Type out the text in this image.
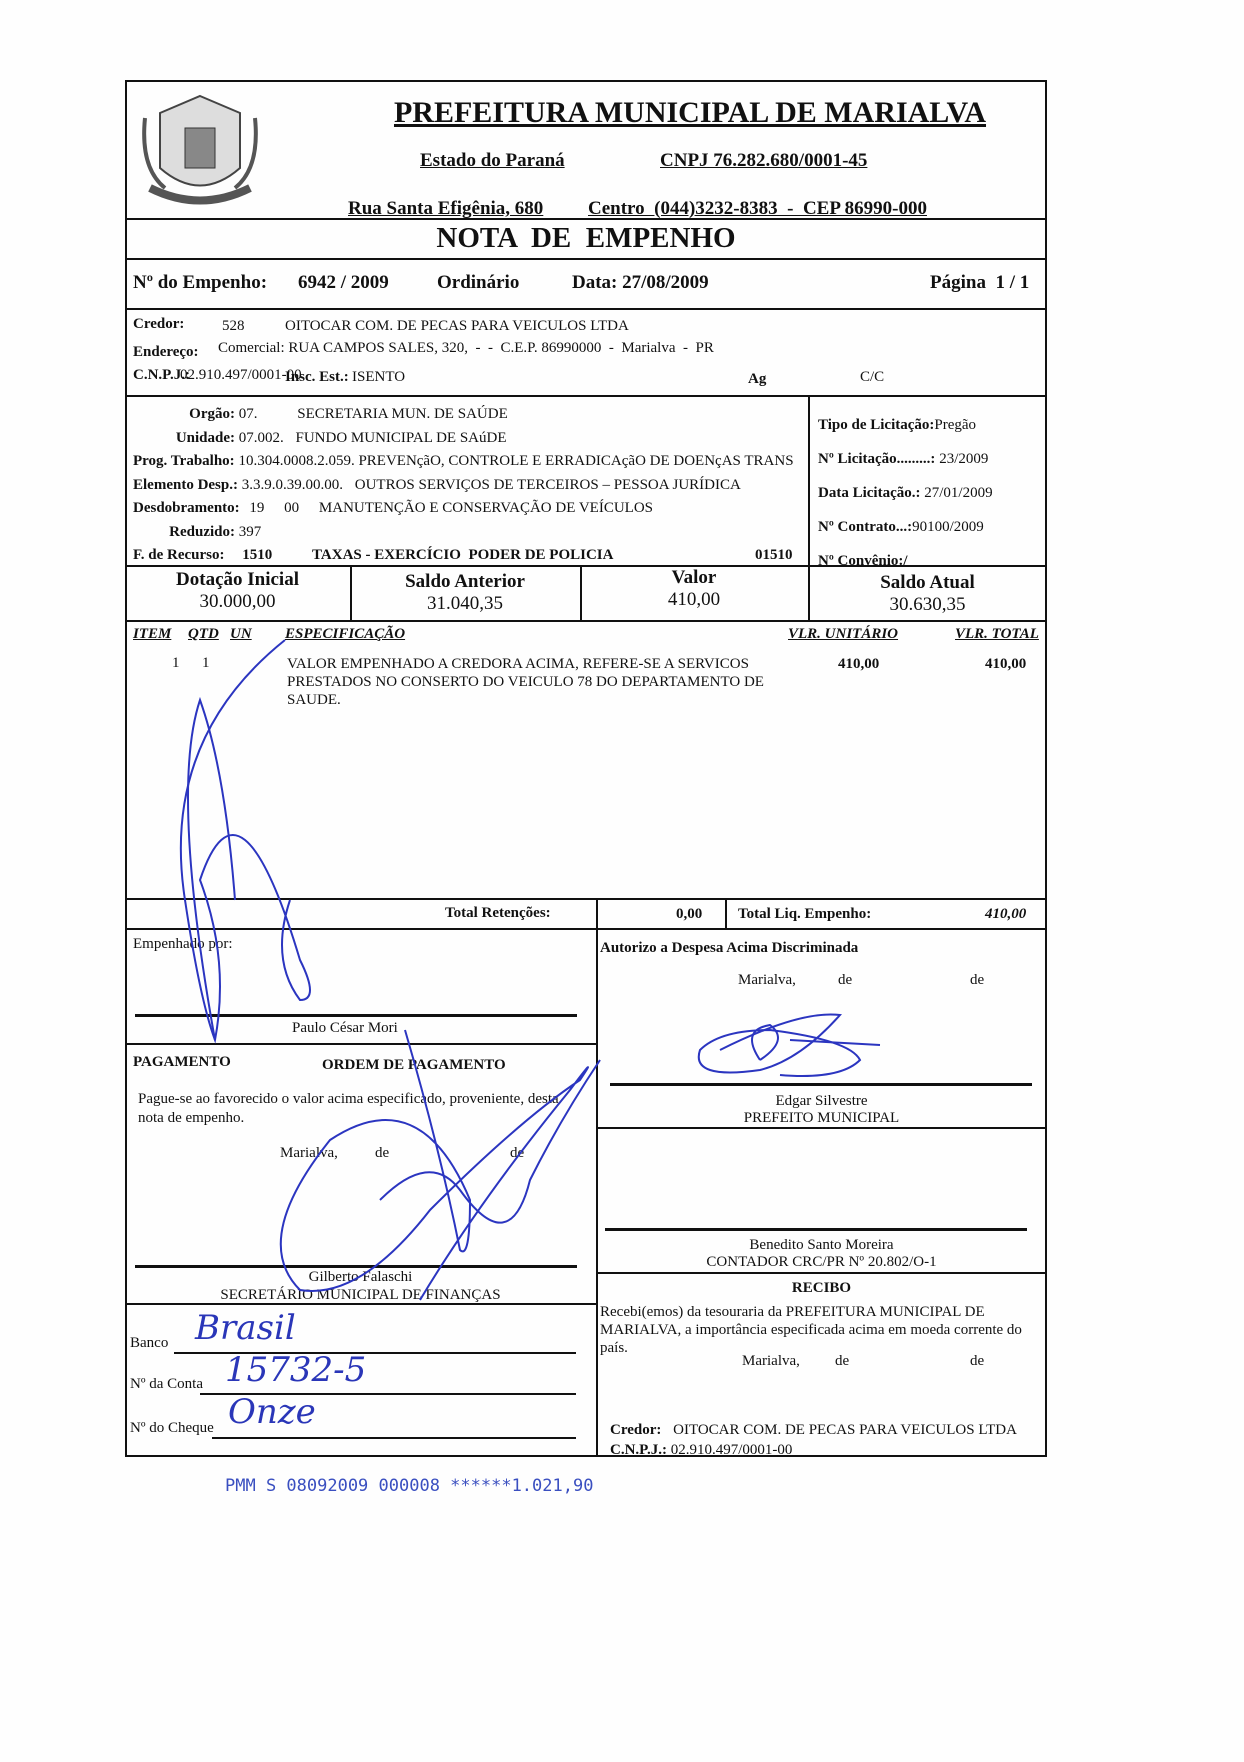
PREFEITURA MUNICIPAL DE MARIALVA
Estado do Paraná	CNPJ 76.282.680/0001-45
Rua Santa Efigênia, 680 Centro  (044)3232-8383  -  CEP 86990-000
NOTA  DE  EMPENHO
Nº do Empenho: 6942 / 2009	Ordinário	Data: 27/08/2009	Página  1 / 1
Credor:	528	OITOCAR COM. DE PECAS PARA VEICULOS LTDA
Endereço: Comercial: RUA CAMPOS SALES, 320,  -  -  C.E.P. 86990000  -  Marialva  -  PR
C.N.P.J.:
02.910.497/0001-00
Insc. Est.: ISENTO	Ag	C/C
Orgão: 07.	SECRETARIA MUN. DE SAÚDE
Unidade: 07.002. FUNDO MUNICIPAL DE SAúDE
Prog. Trabalho: 10.304.0008.2.059. PREVENçãO, CONTROLE E ERRADICAçãO DE DOENçAS TRANS
Elemento Desp.: 3.3.9.0.39.00.00. OUTROS SERVIÇOS DE TERCEIROS – PESSOA JURÍDICA
Desdobramento: 19 00 MANUTENÇÃO E CONSERVAÇÃO DE VEÍCULOS
Reduzido: 397
F. de Recurso: 1510	TAXAS - EXERCÍCIO  PODER DE POLICIA	01510
Tipo de Licitação:Pregão
Nº Licitação.........: 23/2009
Data Licitação.: 27/01/2009
Nº Contrato...:90100/2009
Nº Convênio:/
Dotação Inicial
30.000,00
Saldo Anterior
31.040,35
Valor
410,00
Saldo Atual
30.630,35
ITEM QTD UN ESPECIFICAÇÃO	VLR. UNITÁRIO	VLR. TOTAL
1 1	VALOR EMPENHADO A CREDORA ACIMA, REFERE-SE A SERVICOS
PRESTADOS NO CONSERTO DO VEICULO 78 DO DEPARTAMENTO DE
SAUDE.
410,00	410,00
Total Retenções:	0,00 Total Liq. Empenho:	410,00
Empenhado por:
Paulo César Mori
PAGAMENTO	ORDEM DE PAGAMENTO
Pague-se ao favorecido o valor acima especificado, proveniente, desta
nota de empenho.
Marialva, de	de
Gilberto Falaschi
SECRETÁRIO MUNICIPAL DE FINANÇAS
Banco Brasil
Nº da Conta 15732-5
Nº do Cheque Onze
Autorizo a Despesa Acima Discriminada
Marialva,	de	de
Edgar Silvestre
PREFEITO MUNICIPAL
Benedito Santo Moreira
CONTADOR CRC/PR Nº 20.802/O-1
RECIBO
Recebi(emos) da tesouraria da PREFEITURA MUNICIPAL DE
MARIALVA, a importância especificada acima em moeda corrente do
país.
Marialva, de	de
Credor: OITOCAR COM. DE PECAS PARA VEICULOS LTDA
C.N.P.J.: 02.910.497/0001-00
PMM S 08092009 000008 ******1.021,90
